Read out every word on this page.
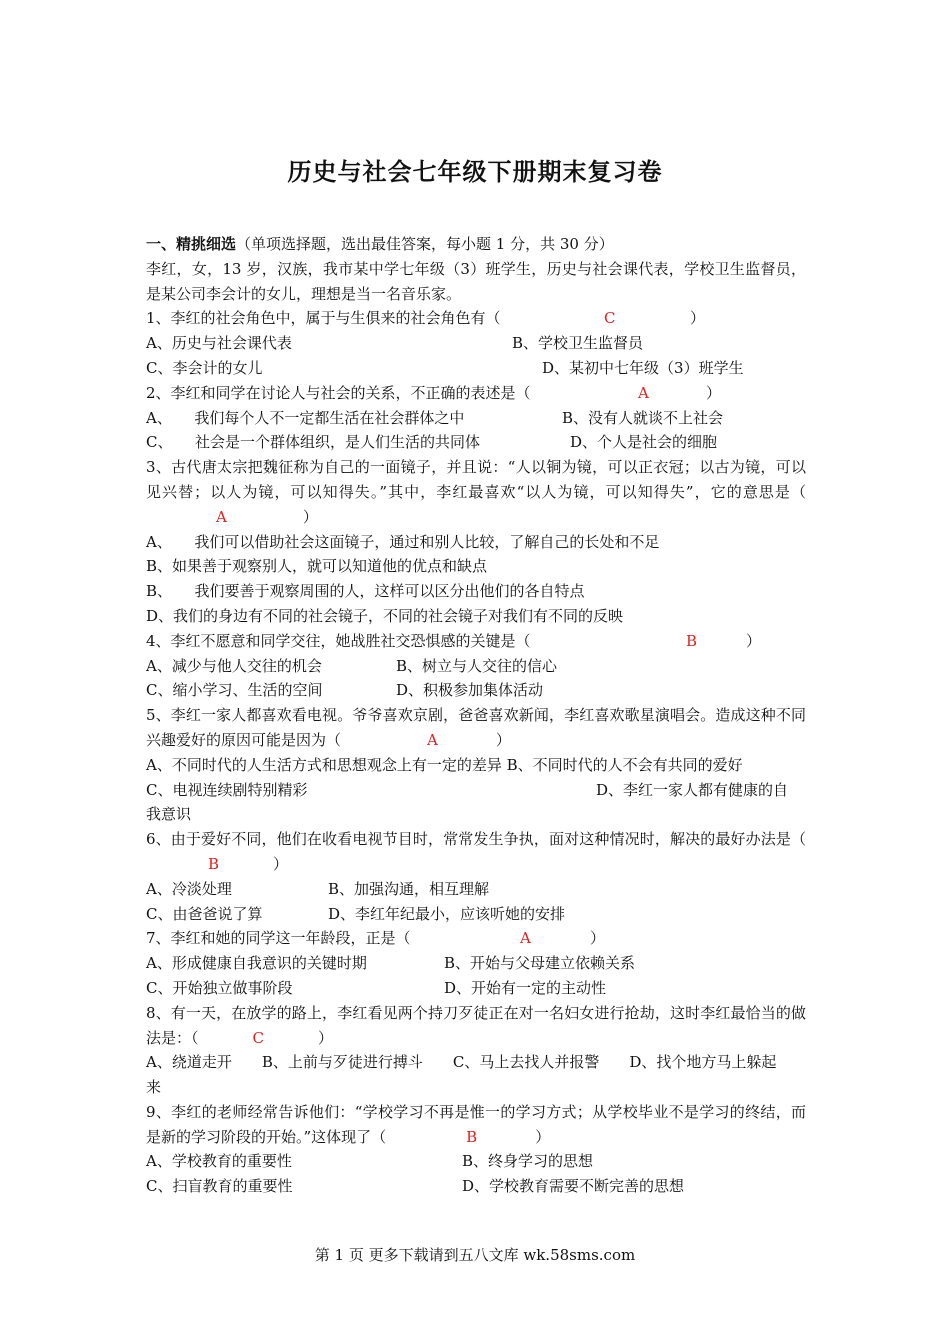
历史与社会七年级下册期末复习卷
一、精挑细选（单项选择题，选出最佳答案，每小题 1 分，共 30 分）
李红，女，13 岁，汉族，我市某中学七年级（3）班学生，历史与社会课代表，学校卫生监督员，是某公司李会计的女儿，理想是当一名音乐家。
1、李红的社会角色中，属于与生俱来的社会角色有（	C	）
A、历史与社会课代表	B、学校卫生监督员
C、李会计的女儿	D、某初中七年级（3）班学生
2、李红和同学在讨论人与社会的关系，不正确的表述是（	A	）
A、　　我们每个人不一定都生活在社会群体之中	B、没有人就谈不上社会
C、　　社会是一个群体组织，是人们生活的共同体	D、个人是社会的细胞
3、古代唐太宗把魏征称为自己的一面镜子，并且说：“人以铜为镜，可以正衣冠；以古为镜，可以见兴替；以人为镜，可以知得失。”其中，李红最喜欢“以人为镜，可以知得失”，它的意思是（A	）
A、　　我们可以借助社会这面镜子，通过和别人比较，了解自己的长处和不足
B、如果善于观察别人，就可以知道他的优点和缺点
B、　　我们要善于观察周围的人，这样可以区分出他们的各自特点
D、我们的身边有不同的社会镜子，不同的社会镜子对我们有不同的反映
4、李红不愿意和同学交往，她战胜社交恐惧感的关键是（	B	）
A、减少与他人交往的机会	B、树立与人交往的信心
C、缩小学习、生活的空间	D、积极参加集体活动
5、李红一家人都喜欢看电视。爷爷喜欢京剧，爸爸喜欢新闻，李红喜欢歌星演唱会。造成这种不同兴趣爱好的原因可能是因为（	A	）
A、不同时代的人生活方式和思想观念上有一定的差异 B、不同时代的人不会有共同的爱好
C、电视连续剧特别精彩	D、李红一家人都有健康的自
我意识
6、由于爱好不同，他们在收看电视节目时，常常发生争执，面对这种情况时，解决的最好办法是（B	）
A、冷淡处理	B、加强沟通，相互理解
C、由爸爸说了算	D、李红年纪最小，应该听她的安排
7、李红和她的同学这一年龄段，正是（	A	）
A、形成健康自我意识的关键时期	B、开始与父母建立依赖关系
C、开始独立做事阶段	D、开始有一定的主动性
8、有一天，在放学的路上，李红看见两个持刀歹徒正在对一名妇女进行抢劫，这时李红最恰当的做法是：（	C	）
A、绕道走开　　B、上前与歹徒进行搏斗　　C、马上去找人并报警　　D、找个地方马上躲起
来
9、李红的老师经常告诉他们：“学校学习不再是惟一的学习方式；从学校毕业不是学习的终结，而是新的学习阶段的开始。”这体现了（	B	）
A、学校教育的重要性	B、终身学习的思想
C、扫盲教育的重要性	D、学校教育需要不断完善的思想
第 1 页 更多下载请到五八文库 wk.58sms.com
